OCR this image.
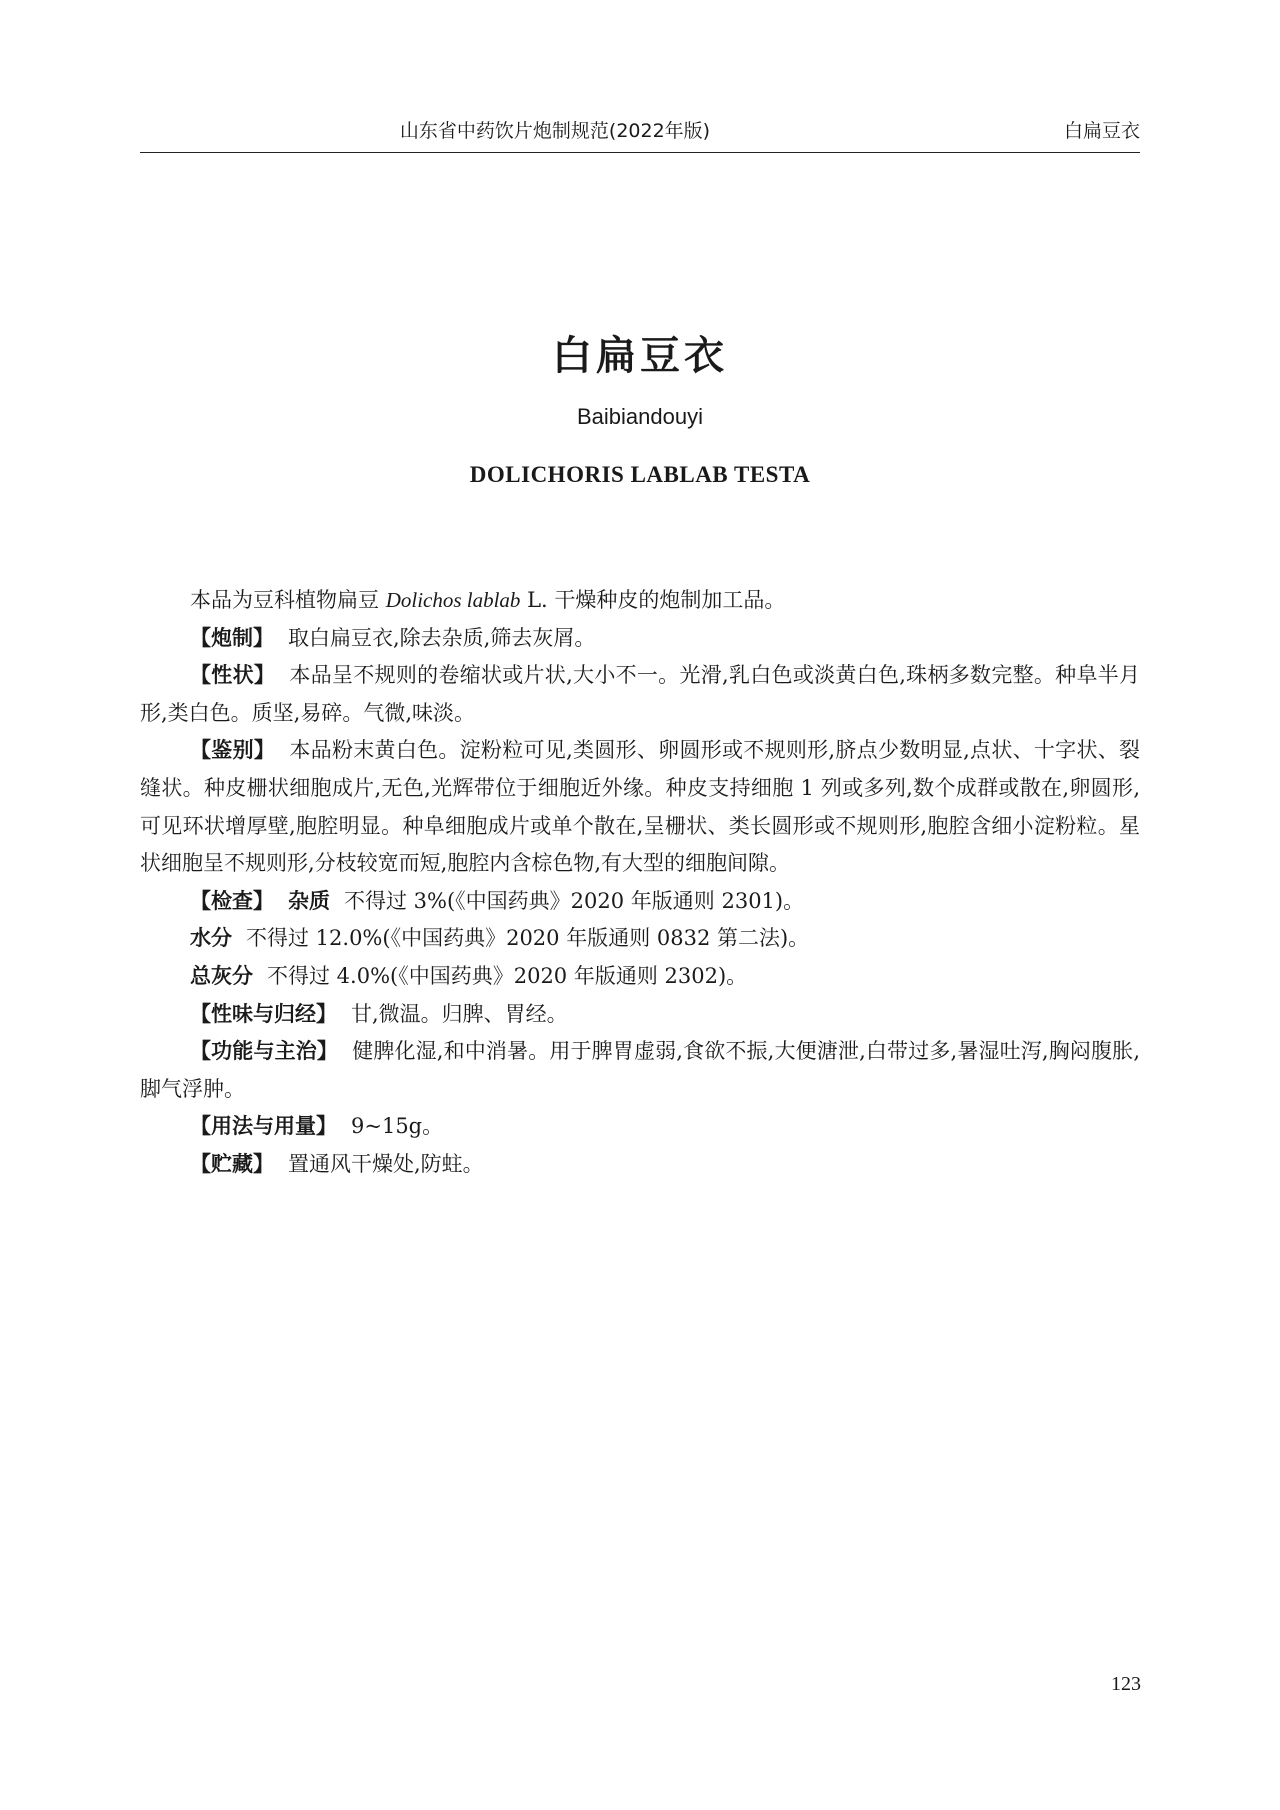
山东省中药饮片炮制规范(2022年版)	白扁豆衣
白扁豆衣
Baibiandouyi
DOLICHORIS LABLAB TESTA

本品为豆科植物扁豆 Dolichos lablab L. 干燥种皮的炮制加工品。

【炮制】 取白扁豆衣,除去杂质,筛去灰屑。

【性状】 本品呈不规则的卷缩状或片状,大小不一。光滑,乳白色或淡黄白色,珠柄多数完整。种阜半月形,类白色。质坚,易碎。气微,味淡。

【鉴别】 本品粉末黄白色。淀粉粒可见,类圆形、卵圆形或不规则形,脐点少数明显,点状、十字状、裂缝状。种皮栅状细胞成片,无色,光辉带位于细胞近外缘。种皮支持细胞 1 列或多列,数个成群或散在,卵圆形,可见环状增厚壁,胞腔明显。种阜细胞成片或单个散在,呈栅状、类长圆形或不规则形,胞腔含细小淀粉粒。星状细胞呈不规则形,分枝较宽而短,胞腔内含棕色物,有大型的细胞间隙。

【检查】 杂质 不得过 3%(《中国药典》2020 年版通则 2301)。

水分 不得过 12.0%(《中国药典》2020 年版通则 0832 第二法)。

总灰分 不得过 4.0%(《中国药典》2020 年版通则 2302)。

【性味与归经】 甘,微温。归脾、胃经。

【功能与主治】 健脾化湿,和中消暑。用于脾胃虚弱,食欲不振,大便溏泄,白带过多,暑湿吐泻,胸闷腹胀,脚气浮肿。

【用法与用量】 9~15g。

【贮藏】 置通风干燥处,防蛀。

123
